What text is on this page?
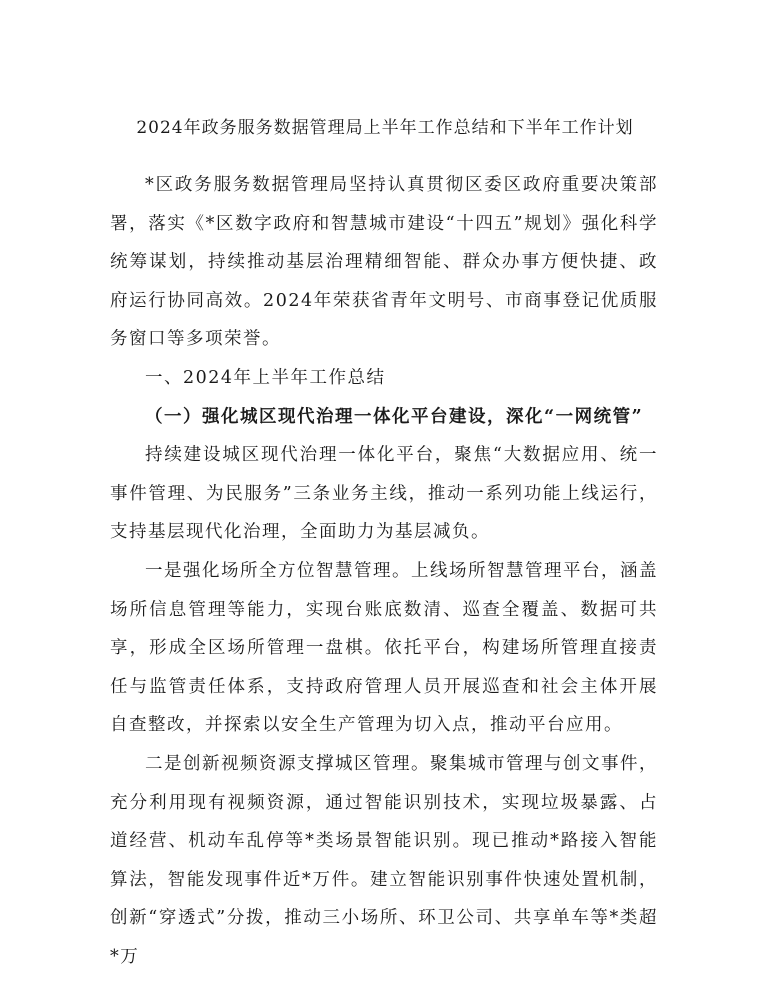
2024年政务服务数据管理局上半年工作总结和下半年工作计划

*区政务服务数据管理局坚持认真贯彻区委区政府重要决策部署，落实《*区数字政府和智慧城市建设“十四五”规划》强化科学统筹谋划，持续推动基层治理精细智能、群众办事方便快捷、政府运行协同高效。2024年荣获省青年文明号、市商事登记优质服务窗口等多项荣誉。

一、2024年上半年工作总结

（一）强化城区现代治理一体化平台建设，深化“一网统管”

持续建设城区现代治理一体化平台，聚焦“大数据应用、统一事件管理、为民服务”三条业务主线，推动一系列功能上线运行，支持基层现代化治理，全面助力为基层减负。

一是强化场所全方位智慧管理。上线场所智慧管理平台，涵盖场所信息管理等能力，实现台账底数清、巡查全覆盖、数据可共享，形成全区场所管理一盘棋。依托平台，构建场所管理直接责任与监管责任体系，支持政府管理人员开展巡查和社会主体开展自查整改，并探索以安全生产管理为切入点，推动平台应用。

二是创新视频资源支撑城区管理。聚集城市管理与创文事件，充分利用现有视频资源，通过智能识别技术，实现垃圾暴露、占道经营、机动车乱停等*类场景智能识别。现已推动*路接入智能算法，智能发现事件近*万件。建立智能识别事件快速处置机制，创新“穿透式”分拨，推动三小场所、环卫公司、共享单车等*类超*万
